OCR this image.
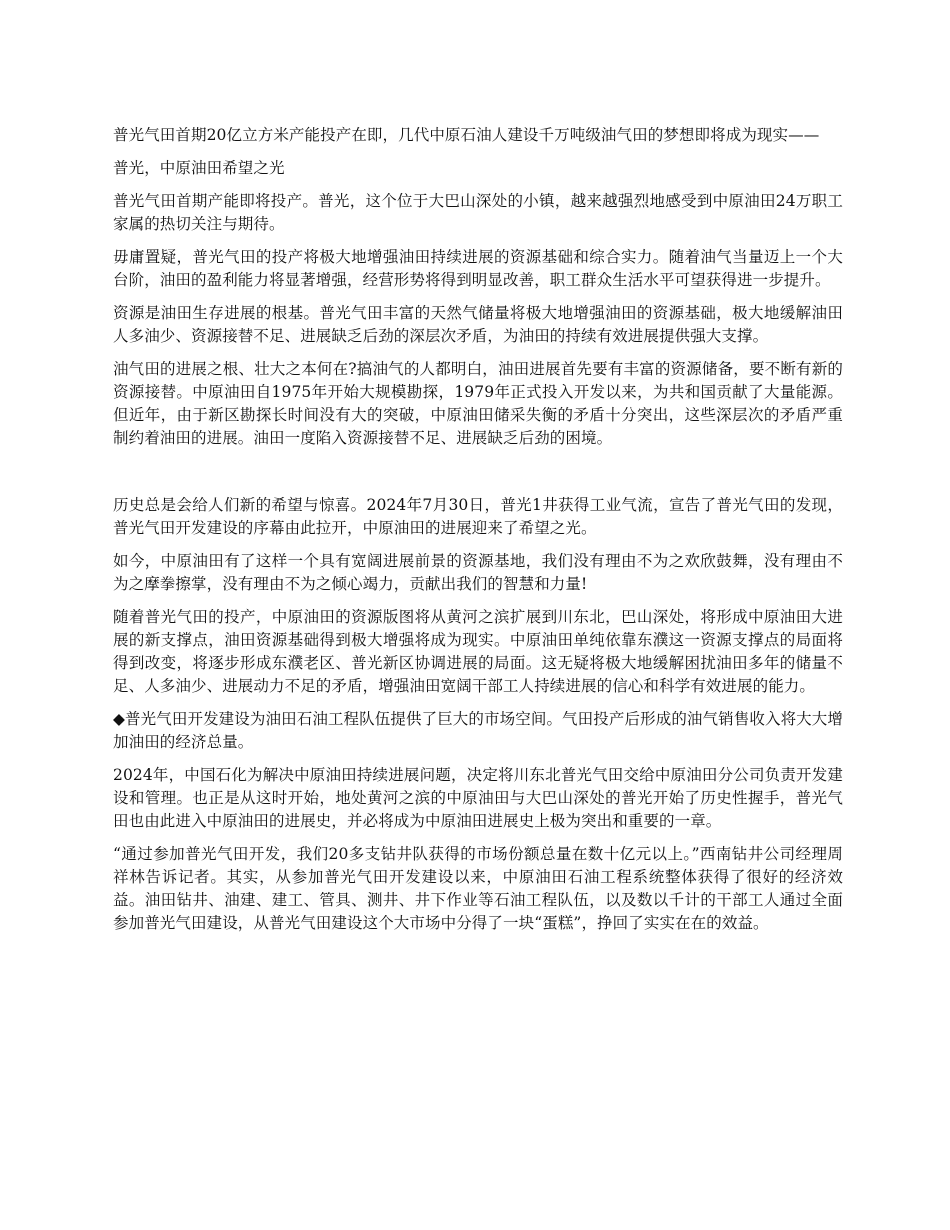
普光气田首期20亿立方米产能投产在即，几代中原石油人建设千万吨级油气田的梦想即将成为现实——

普光，中原油田希望之光

普光气田首期产能即将投产。普光，这个位于大巴山深处的小镇，越来越强烈地感受到中原油田24万职工家属的热切关注与期待。

毋庸置疑，普光气田的投产将极大地增强油田持续进展的资源基础和综合实力。随着油气当量迈上一个大台阶，油田的盈利能力将显著增强，经营形势将得到明显改善，职工群众生活水平可望获得进一步提升。

资源是油田生存进展的根基。普光气田丰富的天然气储量将极大地增强油田的资源基础，极大地缓解油田人多油少、资源接替不足、进展缺乏后劲的深层次矛盾，为油田的持续有效进展提供强大支撑。

油气田的进展之根、壮大之本何在?搞油气的人都明白，油田进展首先要有丰富的资源储备，要不断有新的资源接替。中原油田自1975年开始大规模勘探，1979年正式投入开发以来，为共和国贡献了大量能源。但近年，由于新区勘探长时间没有大的突破，中原油田储采失衡的矛盾十分突出，这些深层次的矛盾严重制约着油田的进展。油田一度陷入资源接替不足、进展缺乏后劲的困境。

历史总是会给人们新的希望与惊喜。2024年7月30日，普光1井获得工业气流，宣告了普光气田的发现，普光气田开发建设的序幕由此拉开，中原油田的进展迎来了希望之光。

如今，中原油田有了这样一个具有宽阔进展前景的资源基地，我们没有理由不为之欢欣鼓舞，没有理由不为之摩拳擦掌，没有理由不为之倾心竭力，贡献出我们的智慧和力量!

随着普光气田的投产，中原油田的资源版图将从黄河之滨扩展到川东北，巴山深处，将形成中原油田大进展的新支撑点，油田资源基础得到极大增强将成为现实。中原油田单纯依靠东濮这一资源支撑点的局面将得到改变，将逐步形成东濮老区、普光新区协调进展的局面。这无疑将极大地缓解困扰油田多年的储量不足、人多油少、进展动力不足的矛盾，增强油田宽阔干部工人持续进展的信心和科学有效进展的能力。

◆普光气田开发建设为油田石油工程队伍提供了巨大的市场空间。气田投产后形成的油气销售收入将大大增加油田的经济总量。

2024年，中国石化为解决中原油田持续进展问题，决定将川东北普光气田交给中原油田分公司负责开发建设和管理。也正是从这时开始，地处黄河之滨的中原油田与大巴山深处的普光开始了历史性握手，普光气田也由此进入中原油田的进展史，并必将成为中原油田进展史上极为突出和重要的一章。

“通过参加普光气田开发，我们20多支钻井队获得的市场份额总量在数十亿元以上。”西南钻井公司经理周祥林告诉记者。其实，从参加普光气田开发建设以来，中原油田石油工程系统整体获得了很好的经济效益。油田钻井、油建、建工、管具、测井、井下作业等石油工程队伍，以及数以千计的干部工人通过全面参加普光气田建设，从普光气田建设这个大市场中分得了一块“蛋糕”，挣回了实实在在的效益。
